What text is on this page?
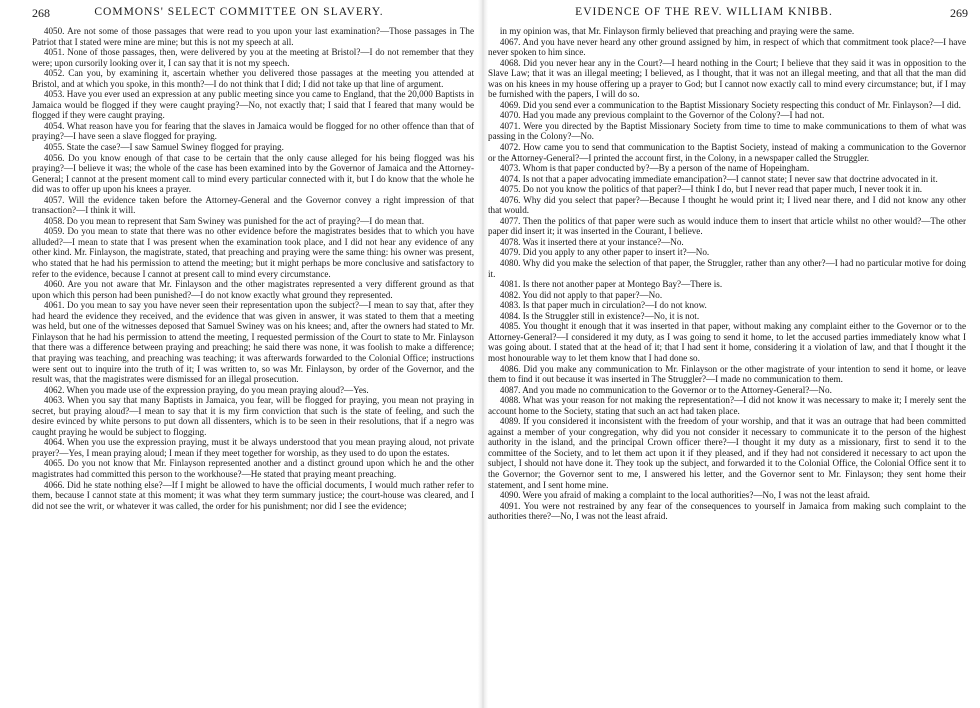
268	COMMONS' SELECT COMMITTEE ON SLAVERY.

4050. Are not some of those passages that were read to you upon your last examination?—Those passages in The Patriot that I stated were mine are mine; but this is not my speech at all.

4051. None of those passages, then, were delivered by you at the meeting at Bristol?—I do not remember that they were; upon cursorily looking over it, I can say that it is not my speech.

4052. Can you, by examining it, ascertain whether you delivered those passages at the meeting you attended at Bristol, and at which you spoke, in this month?—I do not think that I did; I did not take up that line of argument.

4053. Have you ever used an expression at any public meeting since you came to England, that the 20,000 Baptists in Jamaica would be flogged if they were caught praying?—No, not exactly that; I said that I feared that many would be flogged if they were caught praying.

4054. What reason have you for fearing that the slaves in Jamaica would be flogged for no other offence than that of praying?—I have seen a slave flogged for praying.

4055. State the case?—I saw Samuel Swiney flogged for praying.

4056. Do you know enough of that case to be certain that the only cause alleged for his being flogged was his praying?—I believe it was; the whole of the case has been examined into by the Governor of Jamaica and the Attorney-General; I cannot at the present moment call to mind every particular connected with it, but I do know that the whole he did was to offer up upon his knees a prayer.

4057. Will the evidence taken before the Attorney-General and the Governor convey a right impression of that transaction?—I think it will.

4058. Do you mean to represent that Sam Swiney was punished for the act of praying?—I do mean that.

4059. Do you mean to state that there was no other evidence before the magistrates besides that to which you have alluded?—I mean to state that I was present when the examination took place, and I did not hear any evidence of any other kind. Mr. Finlayson, the magistrate, stated, that preaching and praying were the same thing: his owner was present, who stated that he had his permission to attend the meeting; but it might perhaps be more conclusive and satisfactory to refer to the evidence, because I cannot at present call to mind every circumstance.

4060. Are you not aware that Mr. Finlayson and the other magistrates represented a very different ground as that upon which this person had been punished?—I do not know exactly what ground they represented.

4061. Do you mean to say you have never seen their representation upon the subject?—I mean to say that, after they had heard the evidence they received, and the evidence that was given in answer, it was stated to them that a meeting was held, but one of the witnesses deposed that Samuel Swiney was on his knees; and, after the owners had stated to Mr. Finlayson that he had his permission to attend the meeting, I requested permission of the Court to state to Mr. Finlayson that there was a difference between praying and preaching; he said there was none, it was foolish to make a difference; that praying was teaching, and preaching was teaching; it was afterwards forwarded to the Colonial Office; instructions were sent out to inquire into the truth of it; I was written to, so was Mr. Finlayson, by order of the Governor, and the result was, that the magistrates were dismissed for an illegal prosecution.

4062. When you made use of the expression praying, do you mean praying aloud?—Yes.

4063. When you say that many Baptists in Jamaica, you fear, will be flogged for praying, you mean not praying in secret, but praying aloud?—I mean to say that it is my firm conviction that such is the state of feeling, and such the desire evinced by white persons to put down all dissenters, which is to be seen in their resolutions, that if a negro was caught praying he would be subject to flogging.

4064. When you use the expression praying, must it be always understood that you mean praying aloud, not private prayer?—Yes, I mean praying aloud; I mean if they meet together for worship, as they used to do upon the estates.

4065. Do you not know that Mr. Finlayson represented another and a distinct ground upon which he and the other magistrates had committed this person to the workhouse?—He stated that praying meant preaching.

4066. Did he state nothing else?—If I might be allowed to have the official documents, I would much rather refer to them, because I cannot state at this moment; it was what they term summary justice; the court-house was cleared, and I did not see the writ, or whatever it was called, the order for his punishment; nor did I see the evidence;

EVIDENCE OF THE REV. WILLIAM KNIBB.	269

in my opinion was, that Mr. Finlayson firmly believed that preaching and praying were the same.

4067. And you have never heard any other ground assigned by him, in respect of which that commitment took place?—I have never spoken to him since.

4068. Did you never hear any in the Court?—I heard nothing in the Court; I believe that they said it was in opposition to the Slave Law; that it was an illegal meeting; I believed, as I thought, that it was not an illegal meeting, and that all that the man did was on his knees in my house offering up a prayer to God; but I cannot now exactly call to mind every circumstance; but, if I may be furnished with the papers, I will do so.

4069. Did you send ever a communication to the Baptist Missionary Society respecting this conduct of Mr. Finlayson?—I did.

4070. Had you made any previous complaint to the Governor of the Colony?—I had not.

4071. Were you directed by the Baptist Missionary Society from time to time to make communications to them of what was passing in the Colony?—No.

4072. How came you to send that communication to the Baptist Society, instead of making a communication to the Governor or the Attorney-General?—I printed the account first, in the Colony, in a newspaper called the Struggler.

4073. Whom is that paper conducted by?—By a person of the name of Hopeingham.

4074. Is not that a paper advocating immediate emancipation?—I cannot state; I never saw that doctrine advocated in it.

4075. Do not you know the politics of that paper?—I think I do, but I never read that paper much, I never took it in.

4076. Why did you select that paper?—Because I thought he would print it; I lived near there, and I did not know any other that would.

4077. Then the politics of that paper were such as would induce them to insert that article whilst no other would?—The other paper did insert it; it was inserted in the Courant, I believe.

4078. Was it inserted there at your instance?—No.

4079. Did you apply to any other paper to insert it?—No.

4080. Why did you make the selection of that paper, the Struggler, rather than any other?—I had no particular motive for doing it.

4081. Is there not another paper at Montego Bay?—There is.

4082. You did not apply to that paper?—No.

4083. Is that paper much in circulation?—I do not know.

4084. Is the Struggler still in existence?—No, it is not.

4085. You thought it enough that it was inserted in that paper, without making any complaint either to the Governor or to the Attorney-General?—I considered it my duty, as I was going to send it home, to let the accused parties immediately know what I was going about. I stated that at the head of it; that I had sent it home, considering it a violation of law, and that I thought it the most honourable way to let them know that I had done so.

4086. Did you make any communication to Mr. Finlayson or the other magistrate of your intention to send it home, or leave them to find it out because it was inserted in The Struggler?—I made no communication to them.

4087. And you made no communication to the Governor or to the Attorney-General?—No.

4088. What was your reason for not making the representation?—I did not know it was necessary to make it; I merely sent the account home to the Society, stating that such an act had taken place.

4089. If you considered it inconsistent with the freedom of your worship, and that it was an outrage that had been committed against a member of your congregation, why did you not consider it necessary to communicate it to the person of the highest authority in the island, and the principal Crown officer there?—I thought it my duty as a missionary, first to send it to the committee of the Society, and to let them act upon it if they pleased, and if they had not considered it necessary to act upon the subject, I should not have done it. They took up the subject, and forwarded it to the Colonial Office, the Colonial Office sent it to the Governor; the Governor sent to me, I answered his letter, and the Governor sent to Mr. Finlayson; they sent home their statement, and I sent home mine.

4090. Were you afraid of making a complaint to the local authorities?—No, I was not the least afraid.

4091. You were not restrained by any fear of the consequences to yourself in Jamaica from making such complaint to the authorities there?—No, I was not the least afraid.
